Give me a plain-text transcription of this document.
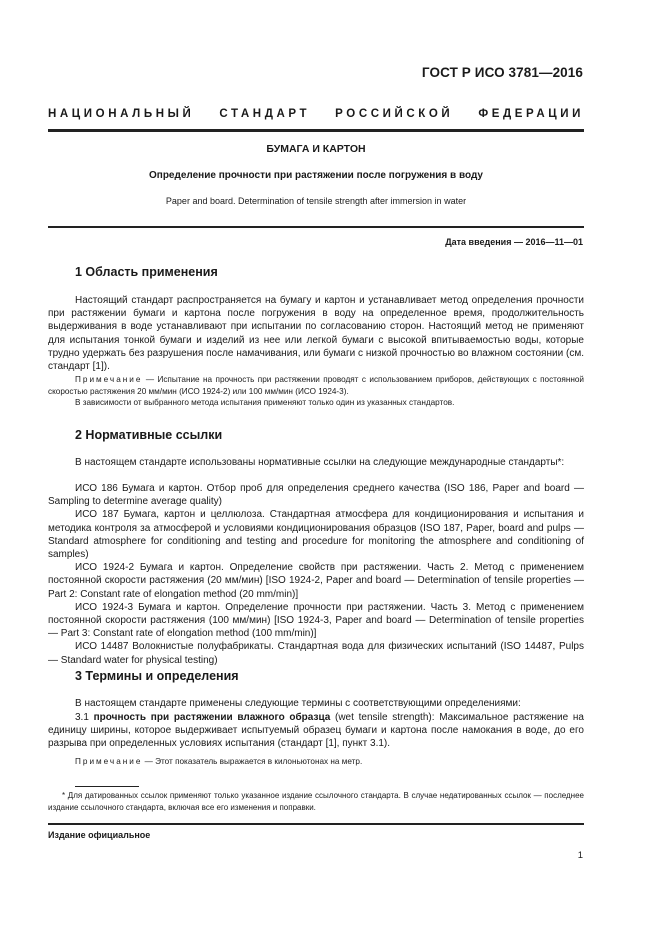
ГОСТ Р ИСО 3781—2016
НАЦИОНАЛЬНЫЙ СТАНДАРТ РОССИЙСКОЙ ФЕДЕРАЦИИ
БУМАГА И КАРТОН
Определение прочности при растяжении после погружения в воду
Paper and board. Determination of tensile strength after immersion in water
Дата введения — 2016—11—01
1 Область применения
Настоящий стандарт распространяется на бумагу и картон и устанавливает метод определения прочности при растяжении бумаги и картона после погружения в воду на определенное время, продолжительность выдерживания в воде устанавливают при испытании по согласованию сторон. Настоящий метод не применяют для испытания тонкой бумаги и изделий из нее или легкой бумаги с высокой впитываемостью воды, которые трудно удержать без разрушения после намачивания, или бумаги с низкой прочностью во влажном состоянии (см. стандарт [1]).
Примечание — Испытание на прочность при растяжении проводят с использованием приборов, действующих с постоянной скоростью растяжения 20 мм/мин (ИСО 1924-2) или 100 мм/мин (ИСО 1924-3).
В зависимости от выбранного метода испытания применяют только один из указанных стандартов.
2 Нормативные ссылки
В настоящем стандарте использованы нормативные ссылки на следующие международные стандарты*:
ИСО 186 Бумага и картон. Отбор проб для определения среднего качества (ISO 186, Paper and board — Sampling to determine average quality)
ИСО 187 Бумага, картон и целлюлоза. Стандартная атмосфера для кондиционирования и испытания и методика контроля за атмосферой и условиями кондиционирования образцов (ISO 187, Paper, board and pulps — Standard atmosphere for conditioning and testing and procedure for monitoring the atmosphere and conditioning of samples)
ИСО 1924-2 Бумага и картон. Определение свойств при растяжении. Часть 2. Метод с применением постоянной скорости растяжения (20 мм/мин) [ISO 1924-2, Paper and board — Determination of tensile properties — Part 2: Constant rate of elongation method (20 mm/min)]
ИСО 1924-3 Бумага и картон. Определение прочности при растяжении. Часть 3. Метод с применением постоянной скорости растяжения (100 мм/мин) [ISO 1924-3, Paper and board — Determination of tensile properties — Part 3: Constant rate of elongation method (100 mm/min)]
ИСО 14487 Волокнистые полуфабрикаты. Стандартная вода для физических испытаний (ISO 14487, Pulps — Standard water for physical testing)
3 Термины и определения
В настоящем стандарте применены следующие термины с соответствующими определениями:
3.1 прочность при растяжении влажного образца (wet tensile strength): Максимальное растяжение на единицу ширины, которое выдерживает испытуемый образец бумаги и картона после намокания в воде, до его разрыва при определенных условиях испытания (стандарт [1], пункт 3.1).
Примечание — Этот показатель выражается в килоньютонах на метр.
* Для датированных ссылок применяют только указанное издание ссылочного стандарта. В случае недатированных ссылок — последнее издание ссылочного стандарта, включая все его изменения и поправки.
Издание официальное
1
